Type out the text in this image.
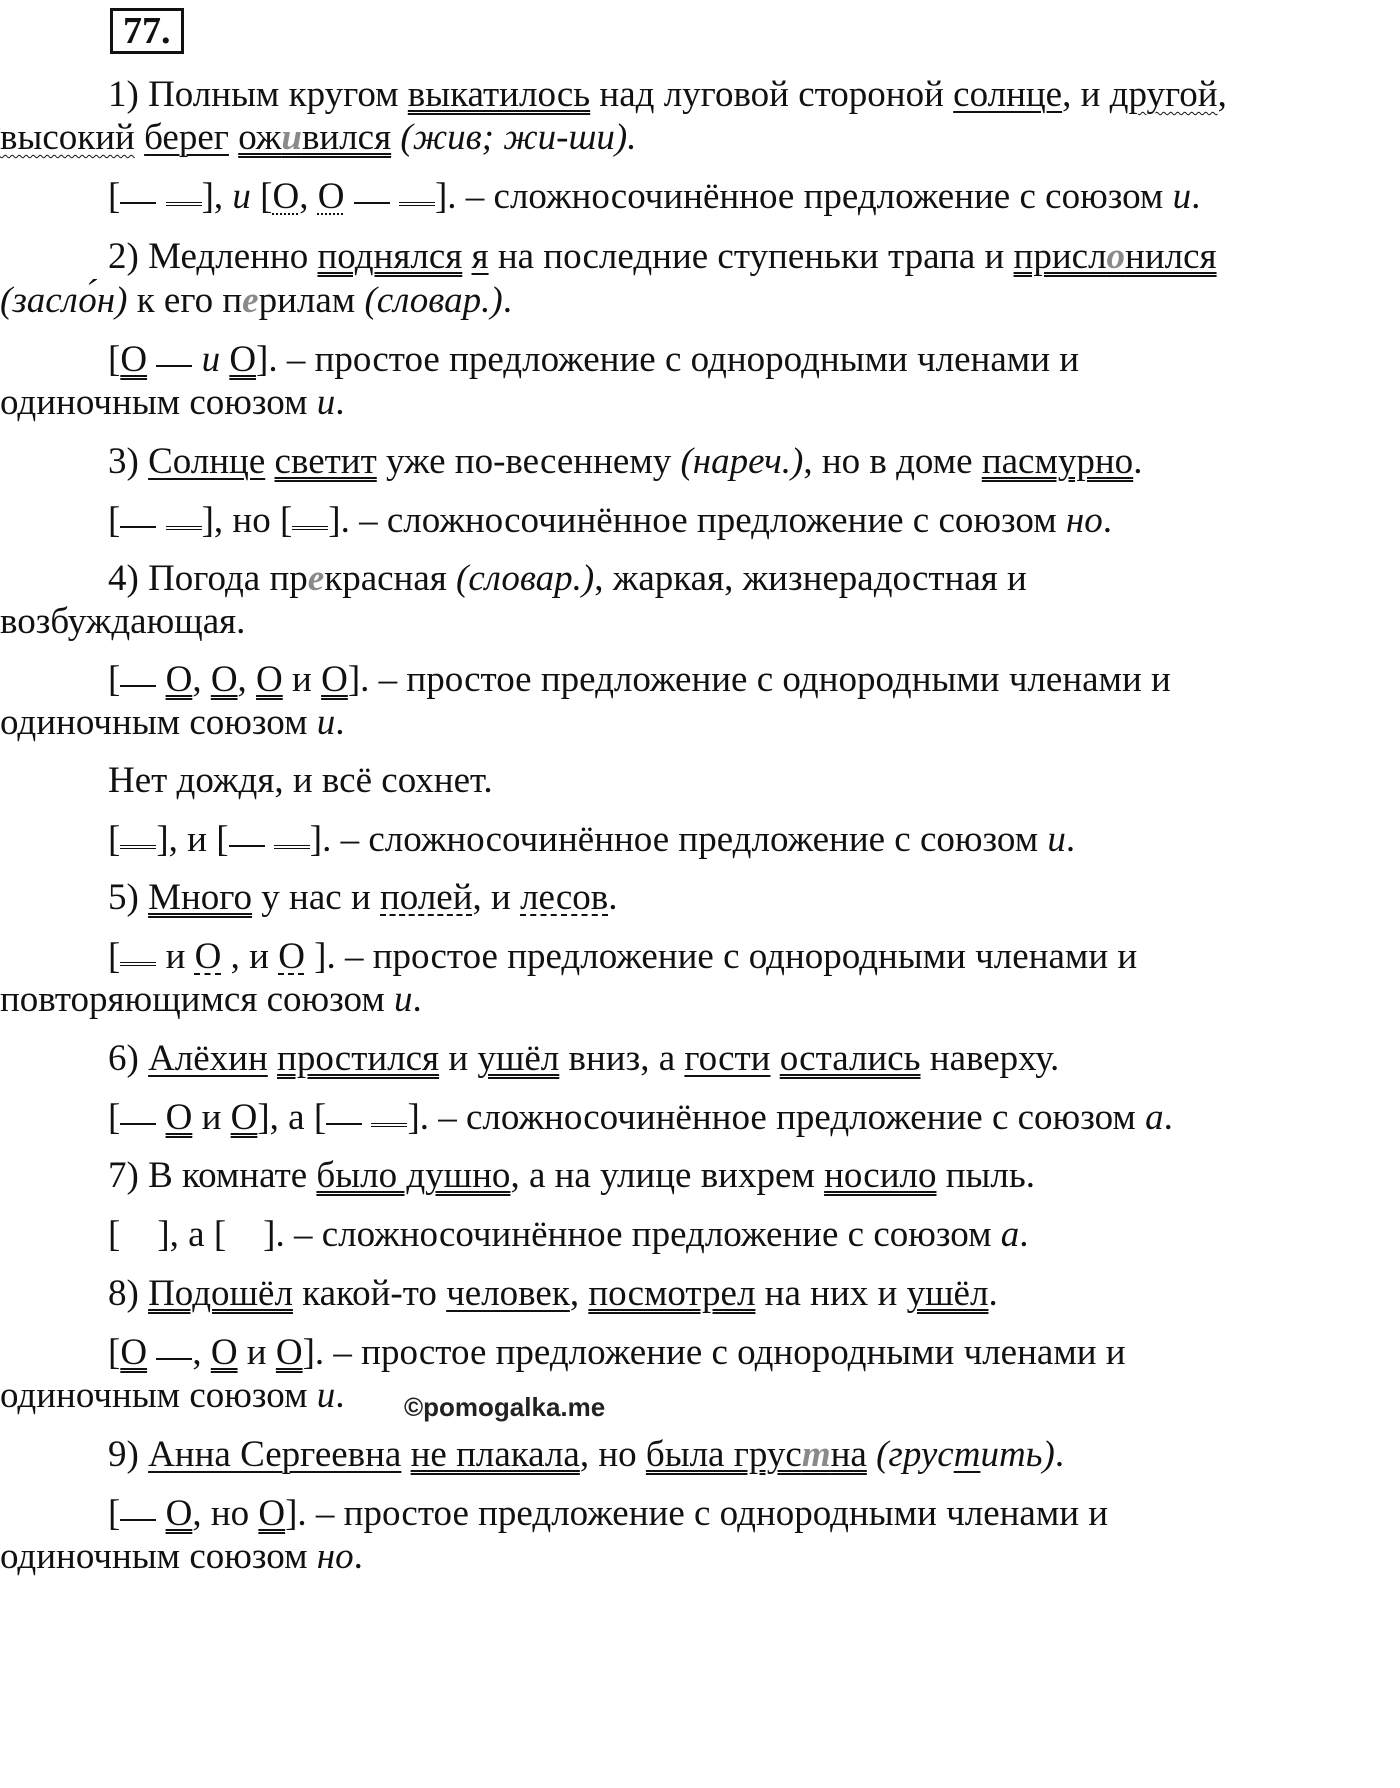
77.

1) Полным кругом выкатилось над луговой стороной солнце, и другой,

высокий берег оживился (жив; жи-ши).

[ ], и [О, О ]. – сложносочинённое предложение с союзом и.

2) Медленно поднялся я на последние ступеньки трапа и прислонился

(засло́н) к его перилам (словар.).

[О и О]. – простое предложение с однородными членами и

одиночным союзом и.

3) Солнце светит уже по-весеннему (нареч.), но в доме пасмурно.

[ ], но [ ]. – сложносочинённое предложение с союзом но.

4) Погода прекрасная (словар.), жаркая, жизнерадостная и

возбуждающая.

[ О, О, О и О]. – простое предложение с однородными членами и

одиночным союзом и.

Нет дождя, и всё сохнет.

[ ], и [ ]. – сложносочинённое предложение с союзом и.

5) Много у нас и полей, и лесов.

[ и О , и О ]. – простое предложение с однородными членами и

повторяющимся союзом и.

6) Алёхин простился и ушёл вниз, а гости остались наверху.

[ О и О], а [ ]. – сложносочинённое предложение с союзом а.

7) В комнате было душно, а на улице вихрем носило пыль.

[    ], а [    ]. – сложносочинённое предложение с союзом а.

©pomogalka.me

8) Подошёл какой-то человек, посмотрел на них и ушёл.

[О , О и О]. – простое предложение с однородными членами и

одиночным союзом и.

9) Анна Сергеевна не плакала, но была грустна (грустить).

[ О, но О]. – простое предложение с однородными членами и

одиночным союзом но.
